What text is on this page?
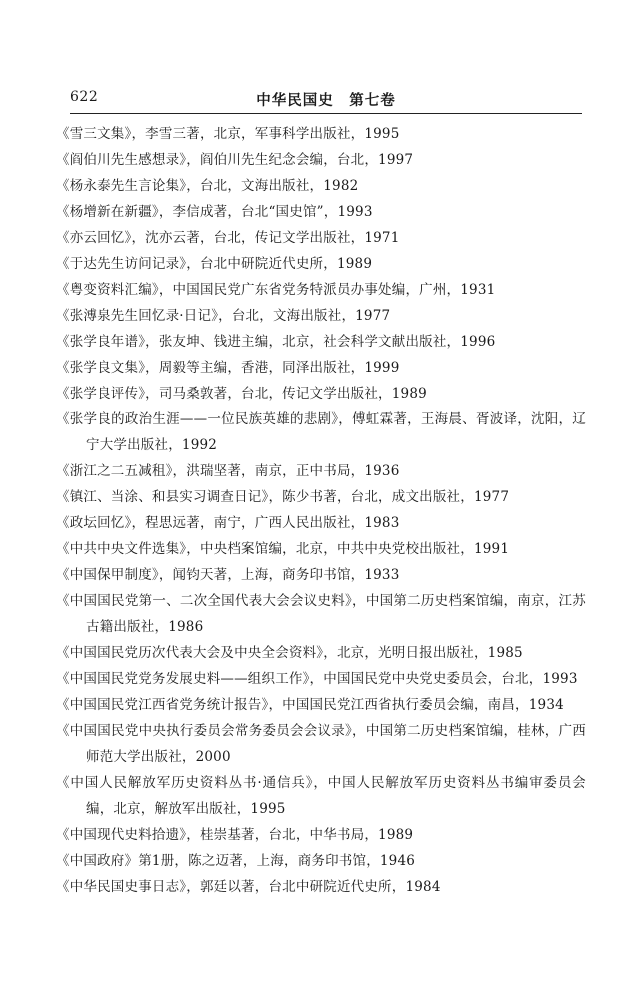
622	中华民国史　第七卷
《雪三文集》，李雪三著，北京，军事科学出版社，1995
《阎伯川先生感想录》，阎伯川先生纪念会编，台北，1997
《杨永泰先生言论集》，台北，文海出版社，1982
《杨增新在新疆》，李信成著，台北“国史馆”，1993
《亦云回忆》，沈亦云著，台北，传记文学出版社，1971
《于达先生访问记录》，台北中研院近代史所，1989
《粤变资料汇编》，中国国民党广东省党务特派员办事处编，广州，1931
《张溥泉先生回忆录·日记》，台北，文海出版社，1977
《张学良年谱》，张友坤、钱进主编，北京，社会科学文献出版社，1996
《张学良文集》，周毅等主编，香港，同泽出版社，1999
《张学良评传》，司马桑敦著，台北，传记文学出版社，1989
《张学良的政治生涯——一位民族英雄的悲剧》，傅虹霖著，王海晨、胥波译，沈阳，辽宁大学出版社，1992
《浙江之二五减租》，洪瑞坚著，南京，正中书局，1936
《镇江、当涂、和县实习调查日记》，陈少书著，台北，成文出版社，1977
《政坛回忆》，程思远著，南宁，广西人民出版社，1983
《中共中央文件选集》，中央档案馆编，北京，中共中央党校出版社，1991
《中国保甲制度》，闻钧天著，上海，商务印书馆，1933
《中国国民党第一、二次全国代表大会会议史料》，中国第二历史档案馆编，南京，江苏古籍出版社，1986
《中国国民党历次代表大会及中央全会资料》，北京，光明日报出版社，1985
《中国国民党党务发展史料——组织工作》，中国国民党中央党史委员会，台北，1993
《中国国民党江西省党务统计报告》，中国国民党江西省执行委员会编，南昌，1934
《中国国民党中央执行委员会常务委员会会议录》，中国第二历史档案馆编，桂林，广西师范大学出版社，2000
《中国人民解放军历史资料丛书·通信兵》，中国人民解放军历史资料丛书编审委员会编，北京，解放军出版社，1995
《中国现代史料拾遗》，桂崇基著，台北，中华书局，1989
《中国政府》第1册，陈之迈著，上海，商务印书馆，1946
《中华民国史事日志》，郭廷以著，台北中研院近代史所，1984
